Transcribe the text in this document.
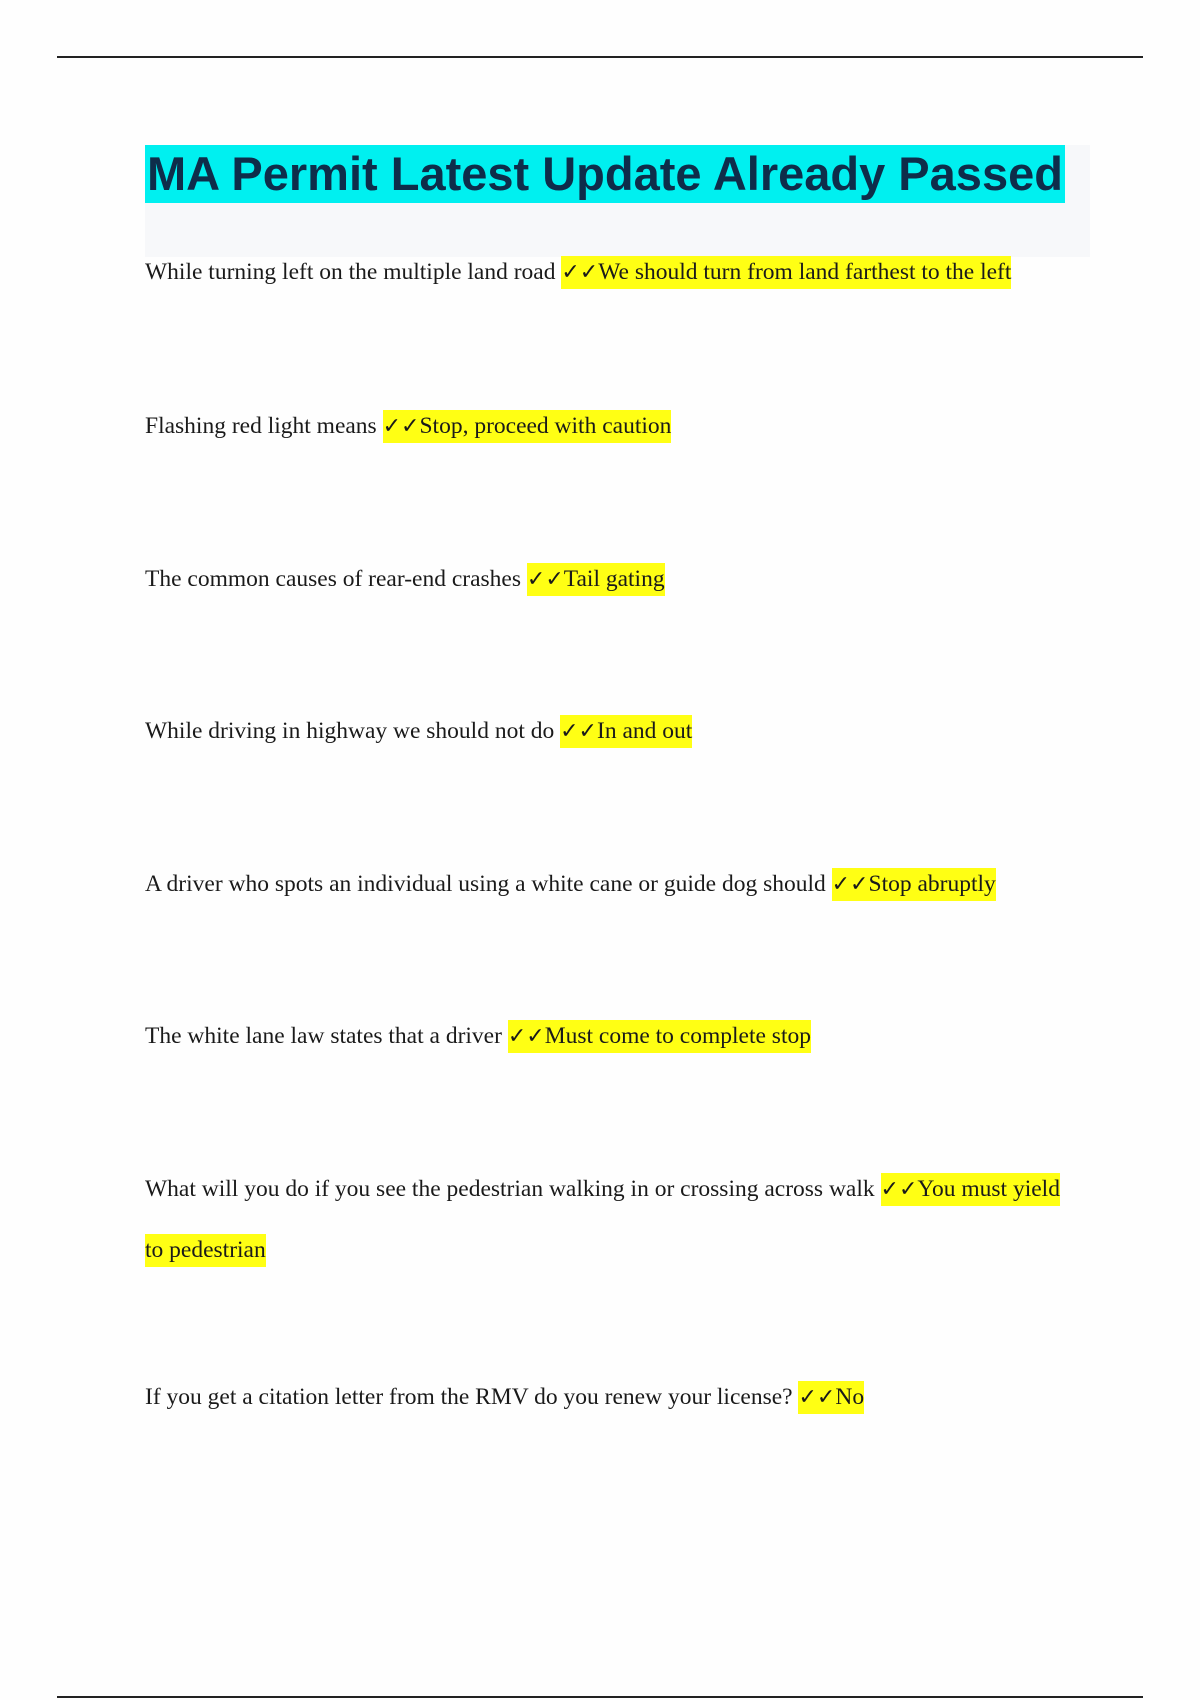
MA Permit Latest Update Already Passed

While turning left on the multiple land road ✓✓We should turn from land farthest to the left

Flashing red light means ✓✓Stop, proceed with caution

The common causes of rear-end crashes ✓✓Tail gating

While driving in highway we should not do ✓✓In and out

A driver who spots an individual using a white cane or guide dog should ✓✓Stop abruptly

The white lane law states that a driver ✓✓Must come to complete stop

What will you do if you see the pedestrian walking in or crossing across walk ✓✓You must yield to pedestrian

If you get a citation letter from the RMV do you renew your license? ✓✓No
